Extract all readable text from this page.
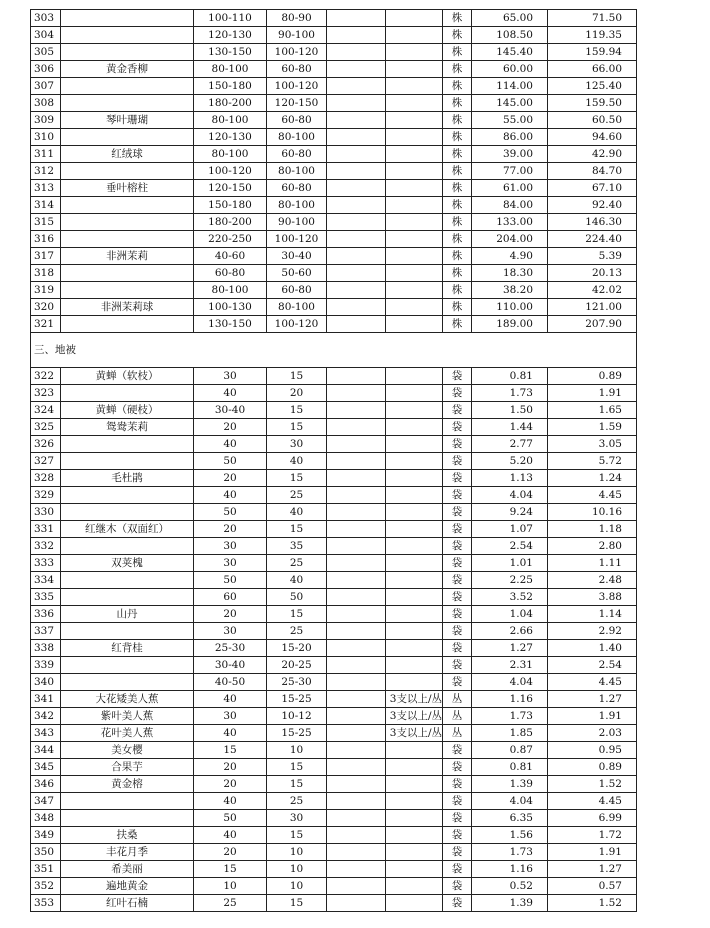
303		100-110	80-90			株	65.00	71.50
304		120-130	90-100			株	108.50	119.35
305		130-150	100-120			株	145.40	159.94
306	黄金香柳	80-100	60-80			株	60.00	66.00
307		150-180	100-120			株	114.00	125.40
308		180-200	120-150			株	145.00	159.50
309	琴叶珊瑚	80-100	60-80			株	55.00	60.50
310		120-130	80-100			株	86.00	94.60
311	红绒球	80-100	60-80			株	39.00	42.90
312		100-120	80-100			株	77.00	84.70
313	垂叶榕柱	120-150	60-80			株	61.00	67.10
314		150-180	80-100			株	84.00	92.40
315		180-200	90-100			株	133.00	146.30
316		220-250	100-120			株	204.00	224.40
317	非洲茉莉	40-60	30-40			株	4.90	5.39
318		60-80	50-60			株	18.30	20.13
319		80-100	60-80			株	38.20	42.02
320	非洲茉莉球	100-130	80-100			株	110.00	121.00
321		130-150	100-120			株	189.00	207.90
三、地被								
322	黄蝉（软枝）	30	15			袋	0.81	0.89
323		40	20			袋	1.73	1.91
324	黄蝉（硬枝）	30-40	15			袋	1.50	1.65
325	鸳鸯茉莉	20	15			袋	1.44	1.59
326		40	30			袋	2.77	3.05
327		50	40			袋	5.20	5.72
328	毛杜鹃	20	15			袋	1.13	1.24
329		40	25			袋	4.04	4.45
330		50	40			袋	9.24	10.16
331	红继木（双面红）	20	15			袋	1.07	1.18
332		30	35			袋	2.54	2.80
333	双荚槐	30	25			袋	1.01	1.11
334		50	40			袋	2.25	2.48
335		60	50			袋	3.52	3.88
336	山丹	20	15			袋	1.04	1.14
337		30	25			袋	2.66	2.92
338	红背桂	25-30	15-20			袋	1.27	1.40
339		30-40	20-25			袋	2.31	2.54
340		40-50	25-30			袋	4.04	4.45
341	大花矮美人蕉	40	15-25		3支以上/丛	丛	1.16	1.27
342	紫叶美人蕉	30	10-12		3支以上/丛	丛	1.73	1.91
343	花叶美人蕉	40	15-25		3支以上/丛	丛	1.85	2.03
344	美女樱	15	10			袋	0.87	0.95
345	合果芋	20	15			袋	0.81	0.89
346	黄金榕	20	15			袋	1.39	1.52
347		40	25			袋	4.04	4.45
348		50	30			袋	6.35	6.99
349	扶桑	40	15			袋	1.56	1.72
350	丰花月季	20	10			袋	1.73	1.91
351	希美丽	15	10			袋	1.16	1.27
352	遍地黄金	10	10			袋	0.52	0.57
353	红叶石楠	25	15			袋	1.39	1.52
